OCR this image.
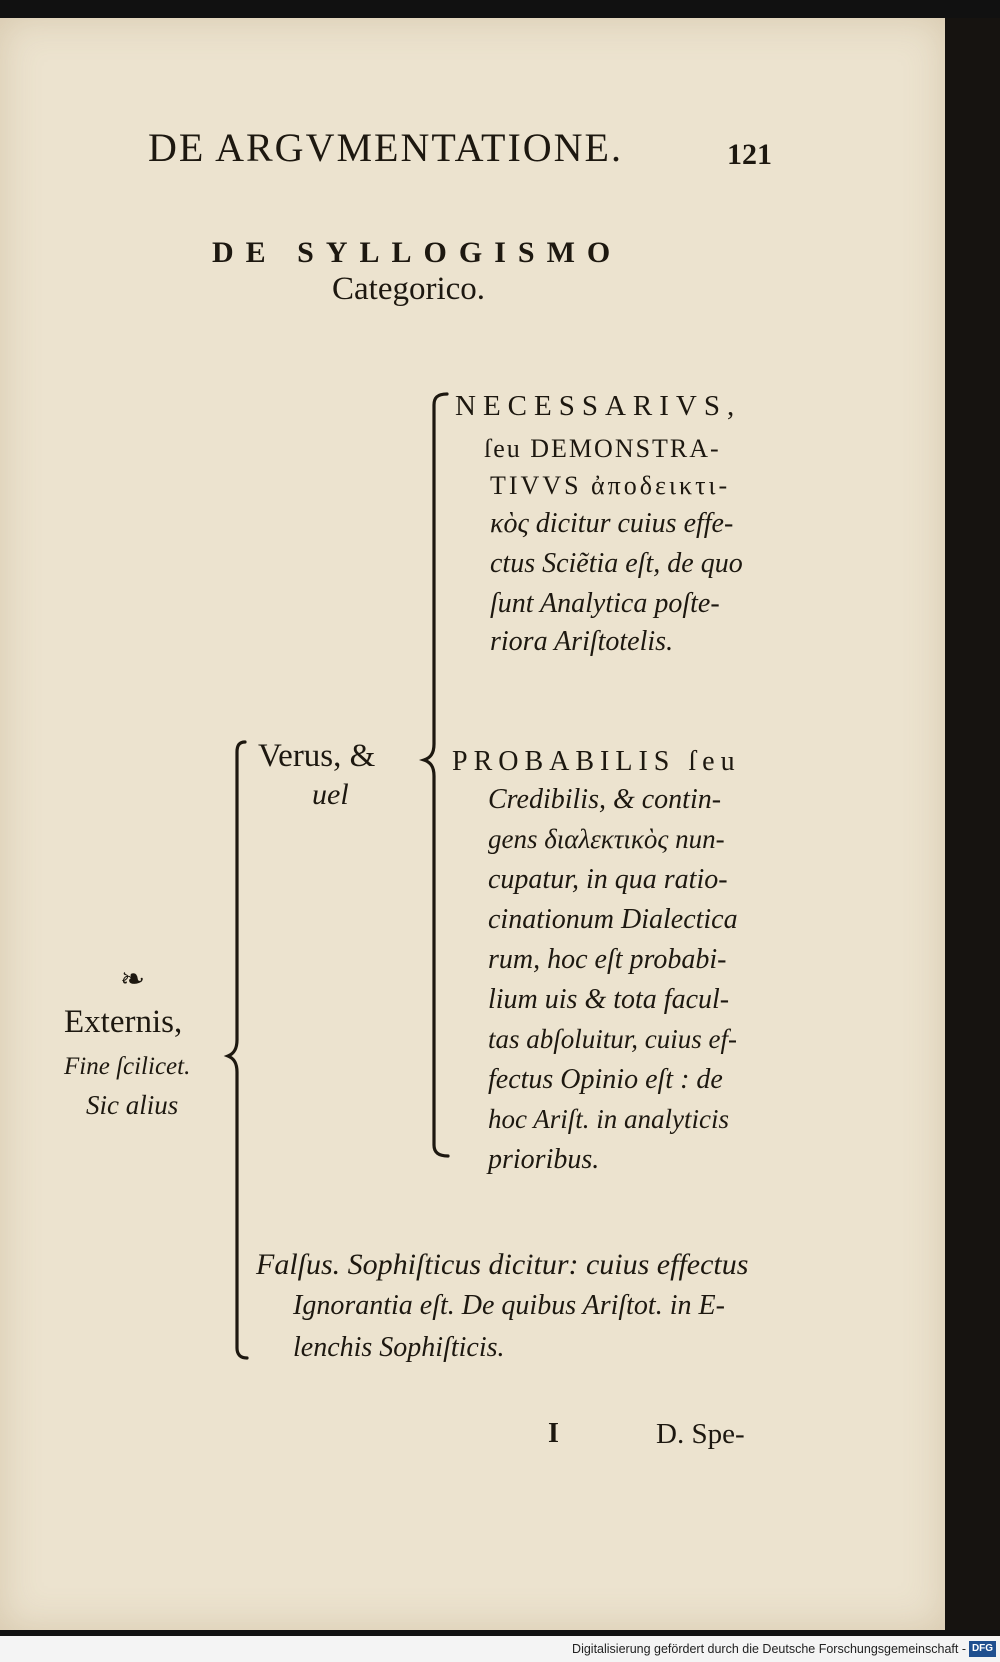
DE ARGVMENTATIONE.	121
DE SYLLOGISMO
Categorico.
❧
Externis,
Fine ſcilicet.
Sic alius
Verus, &
uel
NECESSARIVS,
ſeu DEMONSTRA-
TIVVS ἀποδεικτι-
κὸς dicitur cuius effe-
ctus Sciẽtia eſt, de quo
ſunt Analytica poſte-
riora Ariſtotelis.
PROBABILIS ſeu
Credibilis, & contin-
gens διαλεκτικὸς nun-
cupatur, in qua ratio-
cinationum Dialectica
rum, hoc eſt probabi-
lium uis & tota facul-
tas abſoluitur, cuius ef-
fectus Opinio eſt : de
hoc Ariſt. in analyticis
prioribus.
Falſus. Sophiſticus dicitur: cuius effectus
Ignorantia eſt. De quibus Ariſtot. in E-
lenchis Sophiſticis.
I	D. Spe-
Digitalisierung gefördert durch die Deutsche Forschungsgemeinschaft - DFG
